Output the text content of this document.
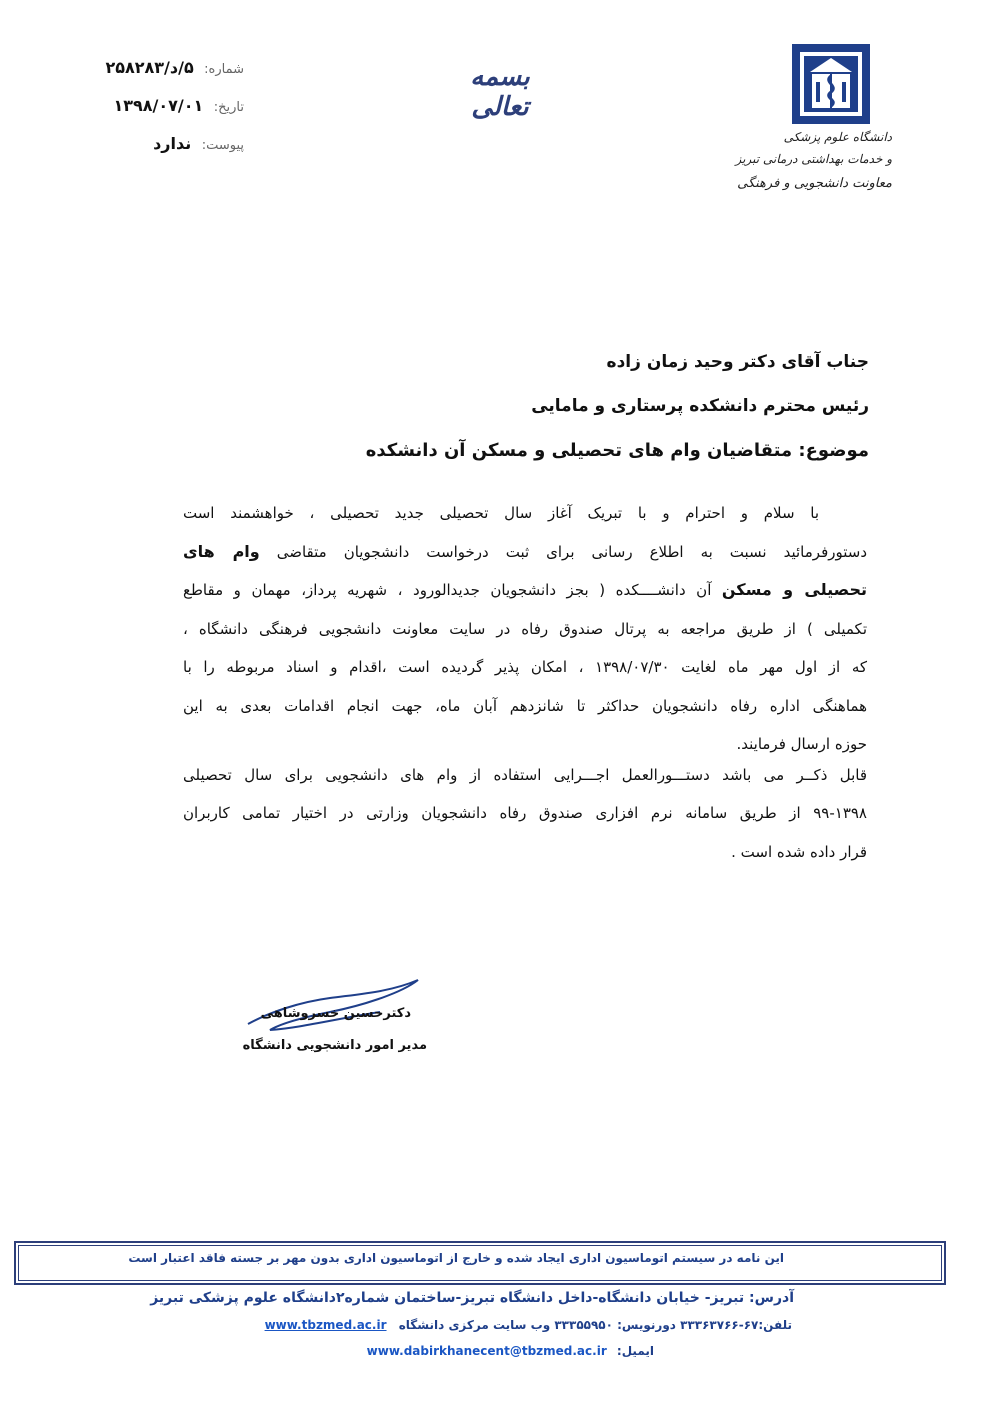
شماره: ۵/د/۲۵۸۲۸۳
تاریخ: ۱۳۹۸/۰۷/۰۱
پیوست: ندارد
بسمه تعالی
دانشگاه علوم پزشکی
و خدمات بهداشتی درمانی تبریز
معاونت دانشجویی و فرهنگی
جناب آقای دکتر وحید زمان زاده
رئیس محترم دانشکده پرستاری و مامایی
موضوع: متقاضیان وام های تحصیلی و مسکن آن دانشکده
با سلام و احترام و با تبریک آغاز سال تحصیلی جدید تحصیلی ، خواهشمند است
دستورفرمائید نسبت به اطلاع رسانی برای ثبت درخواست دانشجویان متقاضی وام های
تحصیلی و مسکن آن دانشــــکده ( بجز دانشجویان جدیدالورود ، شهریه پرداز، مهمان و مقاطع
تکمیلی ) از طریق مراجعه به پرتال صندوق رفاه در سایت معاونت دانشجویی فرهنگی دانشگاه ،
که از اول مهر ماه لغایت ۱۳۹۸/۰۷/۳۰ ، امکان پذیر گردیده است ،اقدام و اسناد مربوطه را با
هماهنگی اداره رفاه دانشجویان حداکثر تا شانزدهم آبان ماه، جهت انجام اقدامات بعدی به این
حوزه ارسال فرمایند.
قابل ذکــر می باشد دستـــورالعمل اجـــرایی استفاده از وام های دانشجویی برای سال تحصیلی
۹۹-۱۳۹۸ از طریق سامانه نرم افزاری صندوق رفاه دانشجویان وزارتی در اختیار تمامی کاربران
قرار داده شده است .
دکترحسین خسروشاهی
مدیر امور دانشجویی دانشگاه
این نامه در سیستم اتوماسیون اداری ایجاد شده و خارج از اتوماسیون اداری بدون مهر بر جسته فاقد اعتبار است
آدرس: تبریز- خیابان دانشگاه-داخل دانشگاه تبریز-ساختمان شماره۲دانشگاه علوم پزشکی تبریز
تلفن:۶۷-۳۳۳۶۳۷۶۶ دورنویس: ۳۳۳۵۵۹۵۰ وب سایت مرکزی دانشگاه www.tbzmed.ac.ir
ایمیل: www.dabirkhanecent@tbzmed.ac.ir
